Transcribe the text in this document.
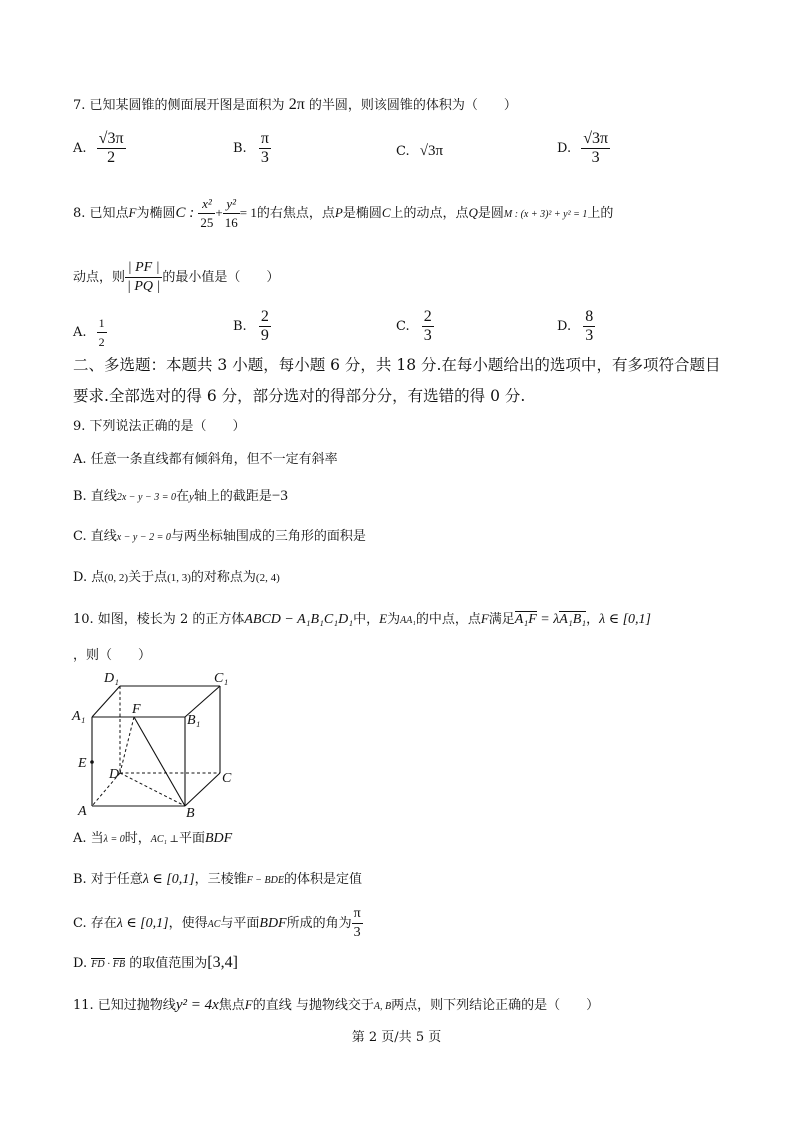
7. 已知某圆锥的侧面展开图是面积为 2π 的半圆，则该圆锥的体积为（　　）
A. $\frac{√3\pi}{2}$	B. $\frac{\pi}{3}$	C. √3π	D. $\frac{√3\pi}{3}$
8. 已知点F为椭圆C : $\frac{\text{x²}}{25} + \frac{\text{y²}}{16} = 1$的右焦点，点P是椭圆C上的动点，点Q是圆M : (x + 3)² + y² = 1上的
动点，则 $\frac{| PF |}{| PQ |}$ 的最小值是（　　）
A. $\frac{1}{2}$	B. $\frac{2}{9}$	C. $\frac{2}{3}$	D. $\frac{8}{3}$
二、多选题：本题共 3 小题，每小题 6 分，共 18 分.在每小题给出的选项中，有多项符合题目
要求.全部选对的得 6 分，部分选对的得部分分，有选错的得 0 分.
9. 下列说法正确的是（　　）
A. 任意一条直线都有倾斜角，但不一定有斜率
B. 直线2x − y − 3 = 0在y轴上的截距是−3
C. 直线x − y − 2 = 0与两坐标轴围成的三角形的面积是
D. 点(0, 2)关于点(1, 3)的对称点为(2, 4)
10. 如图，棱长为 2 的正方体ABCD − A₁B₁C₁D₁中，E为AA₁的中点，点F满足A₁F = λA₁B₁，λ ∈ [0,1]
，则（　　）
D₁	C₁
A₁	F
B₁
E
D	C
A	B
A. 当λ = 0时，AC₁ ⊥平面BDF
B. 对于任意λ ∈ [0,1]，三棱锥F − BDE的体积是定值
C. 存在λ ∈ [0,1]，使得AC与平面BDF所成的角为 $\frac{\pi}{3}$
D. FD · FB 的取值范围为[3,4]
11. 已知过抛物线y² = 4x焦点F的直线 与抛物线交于A, B两点，则下列结论正确的是（　　）
第 2 页/共 5 页
